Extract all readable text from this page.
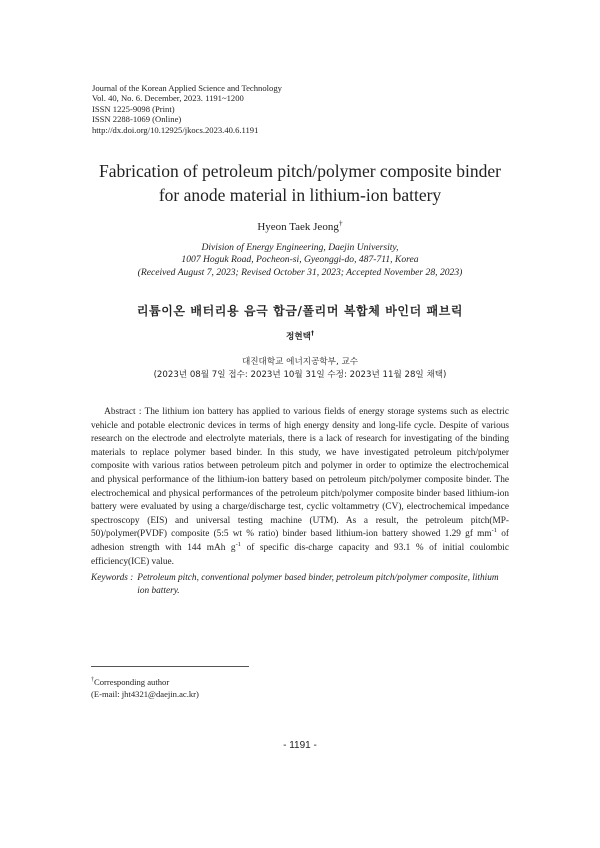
Journal of the Korean Applied Science and Technology
Vol. 40, No. 6. December, 2023. 1191~1200
ISSN 1225-9098 (Print)
ISSN 2288-1069 (Online)
http://dx.doi.org/10.12925/jkocs.2023.40.6.1191
Fabrication of petroleum pitch/polymer composite binder
for anode material in lithium-ion battery
Hyeon Taek Jeong†
Division of Energy Engineering, Daejin University,
1007 Hoguk Road, Pocheon-si, Gyeonggi-do, 487-711, Korea
(Received August 7, 2023; Revised October 31, 2023; Accepted November 28, 2023)
리튬이온 배터리용 음극 합금/폴리머 복합체 바인더 패브릭
정현택†
대진대학교 에너지공학부, 교수
(2023년 08월 7일 접수: 2023년 10월 31일 수정: 2023년 11월 28일 채택)
Abstract : The lithium ion battery has applied to various fields of energy storage systems such as electric vehicle and potable electronic devices in terms of high energy density and long-life cycle. Despite of various research on the electrode and electrolyte materials, there is a lack of research for investigating of the binding materials to replace polymer based binder. In this study, we have investigated petroleum pitch/polymer composite with various ratios between petroleum pitch and polymer in order to optimize the electrochemical and physical performance of the lithium-ion battery based on petroleum pitch/polymer composite binder. The electrochemical and physical performances of the petroleum pitch/polymer composite binder based lithium-ion battery were evaluated by using a charge/discharge test, cyclic voltammetry (CV), electrochemical impedance spectroscopy (EIS) and universal testing machine (UTM). As a result, the petroleum pitch(MP-50)/polymer(PVDF) composite (5:5 wt % ratio) binder based lithium-ion battery showed 1.29 gf $mm^{-1}$ of adhesion strength with 144 mAh $g^{-1}$ of specific dis-charge capacity and 93.1 % of initial coulombic efficiency(ICE) value.
Keywords : Petroleum pitch, conventional polymer based binder, petroleum pitch/polymer composite, lithium ion battery.
†Corresponding author
(E-mail: jht4321@daejin.ac.kr)
- 1191 -
